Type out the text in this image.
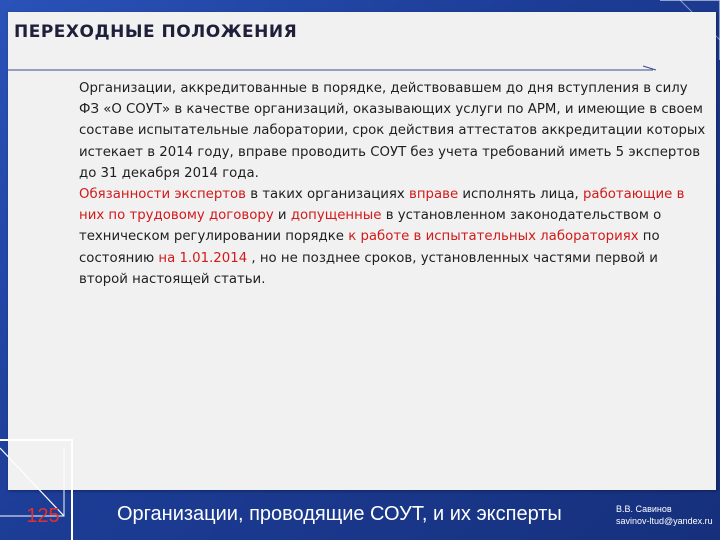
ПЕРЕХОДНЫЕ ПОЛОЖЕНИЯ

Организации, аккредитованные в порядке, действовавшем до дня вступления в силу ФЗ «О СОУТ» в качестве организаций, оказывающих услуги по АРМ, и имеющие в своем составе испытательные лаборатории, срок действия аттестатов аккредитации которых истекает в 2014 году, вправе проводить СОУТ без учета требований иметь 5 экспертов до 31 декабря 2014 года.

Обязанности экспертов в таких организациях вправе исполнять лица, работающие в них по трудовому договору и допущенные в установленном законодательством о техническом регулировании порядке к работе в испытательных лабораториях по состоянию на 1.01.2014 , но не позднее сроков, установленных частями первой и второй настоящей статьи.

125	Организации, проводящие СОУТ, и их эксперты	В.В. Савинов
savinov-ltud@yandex.ru
